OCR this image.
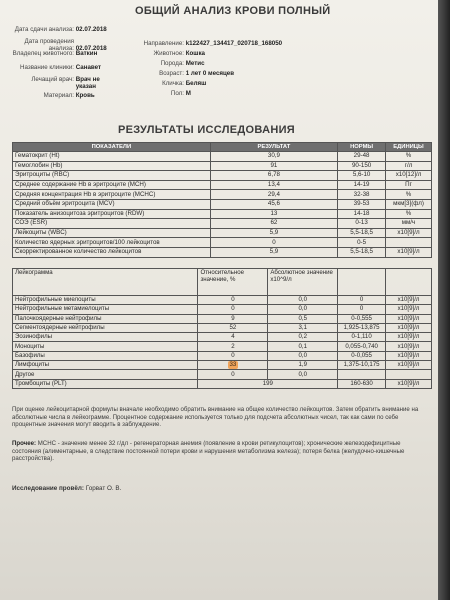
ОБЩИЙ АНАЛИЗ КРОВИ ПОЛНЫЙ
Дата сдачи анализа: 02.07.2018
Дата проведения анализа: 02.07.2018
Владелец животного: Ваткин
Название клиники: Санавет
Лечащий врач: Врач не указан
Материал: Кровь
Направление: k122427_134417_020718_168050
Животное: Кошка
Порода: Метис
Возраст: 1 лет 0 месяцев
Кличка: Беляш
Пол: М
РЕЗУЛЬТАТЫ ИССЛЕДОВАНИЯ
ПОКАЗАТЕЛИ	РЕЗУЛЬТАТ	НОРМЫ	ЕДИНИЦЫ
Гематокрит (Ht)	30,9	29-48	%
Гемоглобин (Hb)	91	90-150	г/л
Эритроциты (RBC)	6,78	5,6-10	x10[12]/л
Среднее содержание Hb в эритроците (MCH)	13,4	14-19	Пг
Средняя концентрация Hb в эритроците (MCHC)	29,4	32-38	%
Средний объём эритроцита (MCV)	45,6	39-53	мкм[3](фл)
Показатель анизоцитоза эритроцитов (RDW)	13	14-18	%
СОЭ (ESR)	62	0-13	мм/ч
Лейкоциты (WBC)	5,9	5,5-18,5	x10[9]/л
Количество ядерных эритроцитов/100 лейкоцитов	0	0-5	
Скорректированное количество лейкоцитов	5,9	5,5-18,5	x10[9]/л
Лейкограмма	Относительное значение, %	Абсолютное значение x10^9/л		
Нейтрофильные миелоциты	0	0,0	0	x10[9]/л
Нейтрофильные метамиелоциты	0	0,0	0	x10[9]/л
Палочкоядерные нейтрофилы	9	0,5	0-0,555	x10[9]/л
Сегментоядерные нейтрофилы	52	3,1	1,925-13,875	x10[9]/л
Эозинофилы	4	0,2	0-1,110	x10[9]/л
Моноциты	2	0,1	0,055-0,740	x10[9]/л
Базофилы	0	0,0	0-0,055	x10[9]/л
Лимфоциты	33	1,9	1,375-10,175	x10[9]/л
Другое	0	0,0		
Тромбоциты (PLT)	199		160-630	x10[9]/л
При оценке лейкоцитарной формулы вначале необходимо обратить внимание на общее количество лейкоцитов. Затем обратить внимание на абсолютные числа в лейкограмме. Процентное содержание используется только для подсчета абсолютных чисел, так как сами по себе процентные значения могут вводить в заблуждение.
Прочее: МСНС - значение менее 32 г/дл - регенераторная анемия (появление в крови ретикулоцитов); хронические железодефицитные состояния (алиментарные, в следствие постоянной потери крови и нарушения метаболизма железа); потеря белка (желудочно-кишечные расстройства).
Исследование провёл: Горват О. В.
